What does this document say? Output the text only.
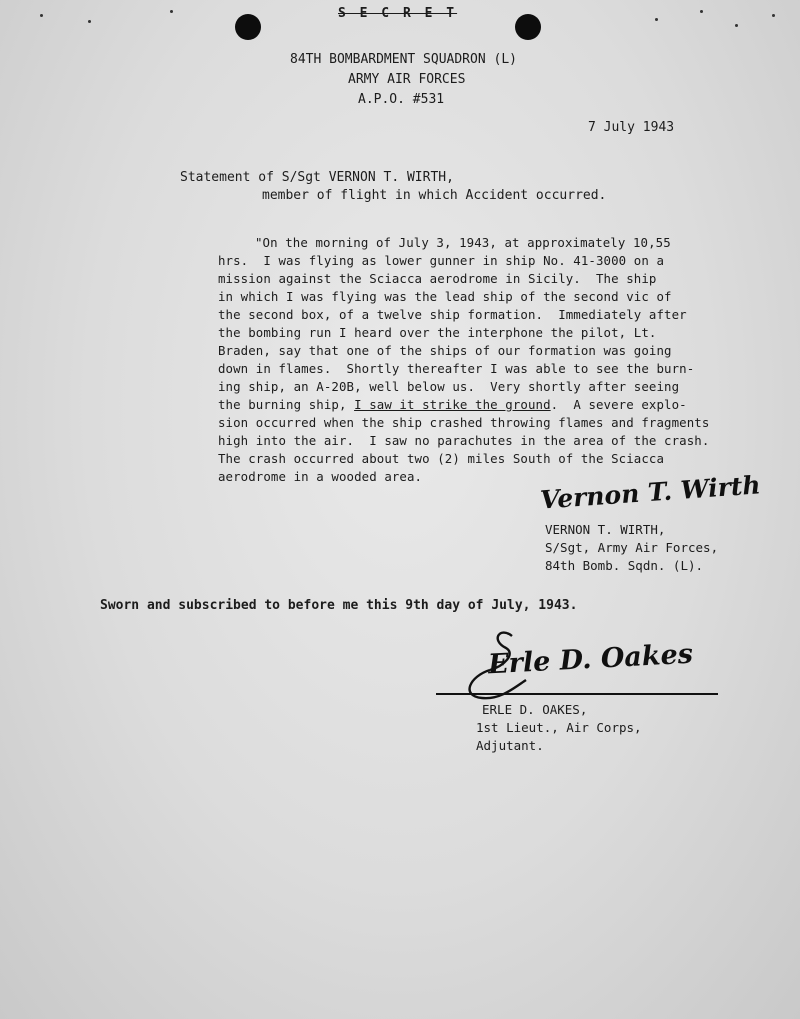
S E C R E T

84TH BOMBARDMENT SQUADRON (L)

ARMY AIR FORCES

A.P.O. #531

7 July 1943

Statement of S/Sgt VERNON T. WIRTH,

member of flight in which Accident occurred.

"On the morning of July 3, 1943, at approximately 10,55

hrs.  I was flying as lower gunner in ship No. 41-3000 on a

mission against the Sciacca aerodrome in Sicily.  The ship

in which I was flying was the lead ship of the second vic of

the second box, of a twelve ship formation.  Immediately after

the bombing run I heard over the interphone the pilot, Lt.

Braden, say that one of the ships of our formation was going

down in flames.  Shortly thereafter I was able to see the burn-

ing ship, an A-20B, well below us.  Very shortly after seeing

the burning ship, I saw it strike the ground.  A severe explo-

sion occurred when the ship crashed throwing flames and fragments

high into the air.  I saw no parachutes in the area of the crash.

The crash occurred about two (2) miles South of the Sciacca

aerodrome in a wooded area.	Vernon T. Wirth

VERNON T. WIRTH,

S/Sgt, Army Air Forces,

84th Bomb. Sqdn. (L).

Sworn and subscribed to before me this 9th day of July, 1943.

Erle D. Oakes

ERLE D. OAKES,

1st Lieut., Air Corps,

Adjutant.
